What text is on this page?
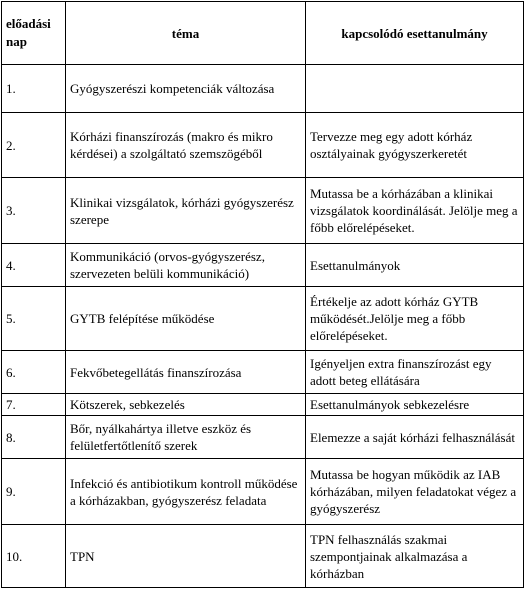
előadási nap	téma	kapcsolódó esettanulmány
1.	Gyógyszerészi kompetenciák változása	
2.	Kórházi finanszírozás (makro és mikro kérdései) a szolgáltató szemszögéből	Tervezze meg egy adott kórház osztályainak gyógyszerkeretét
3.	Klinikai vizsgálatok, kórházi gyógyszerész szerepe	Mutassa be a kórházában a klinikai vizsgálatok koordinálását. Jelölje meg a főbb előrelépéseket.
4.	Kommunikáció (orvos-gyógyszerész, szervezeten belüli kommunikáció)	Esettanulmányok
5.	GYTB felépítése működése	Értékelje az adott kórház GYTB működését.Jelölje meg a főbb előrelépéseket.
6.	Fekvőbetegellátás finanszírozása	Igényeljen extra finanszírozást egy adott beteg ellátására
7.	Kötszerek, sebkezelés	Esettanulmányok sebkezelésre
8.	Bőr, nyálkahártya illetve eszköz és felületfertőtlenítő szerek	Elemezze a saját kórházi felhasználását
9.	Infekció és antibiotikum kontroll működése a kórházakban, gyógyszerész feladata	Mutassa be hogyan működik az IAB kórházában, milyen feladatokat végez a gyógyszerész
10.	TPN	TPN felhasználás szakmai szempontjainak alkalmazása a kórházban
